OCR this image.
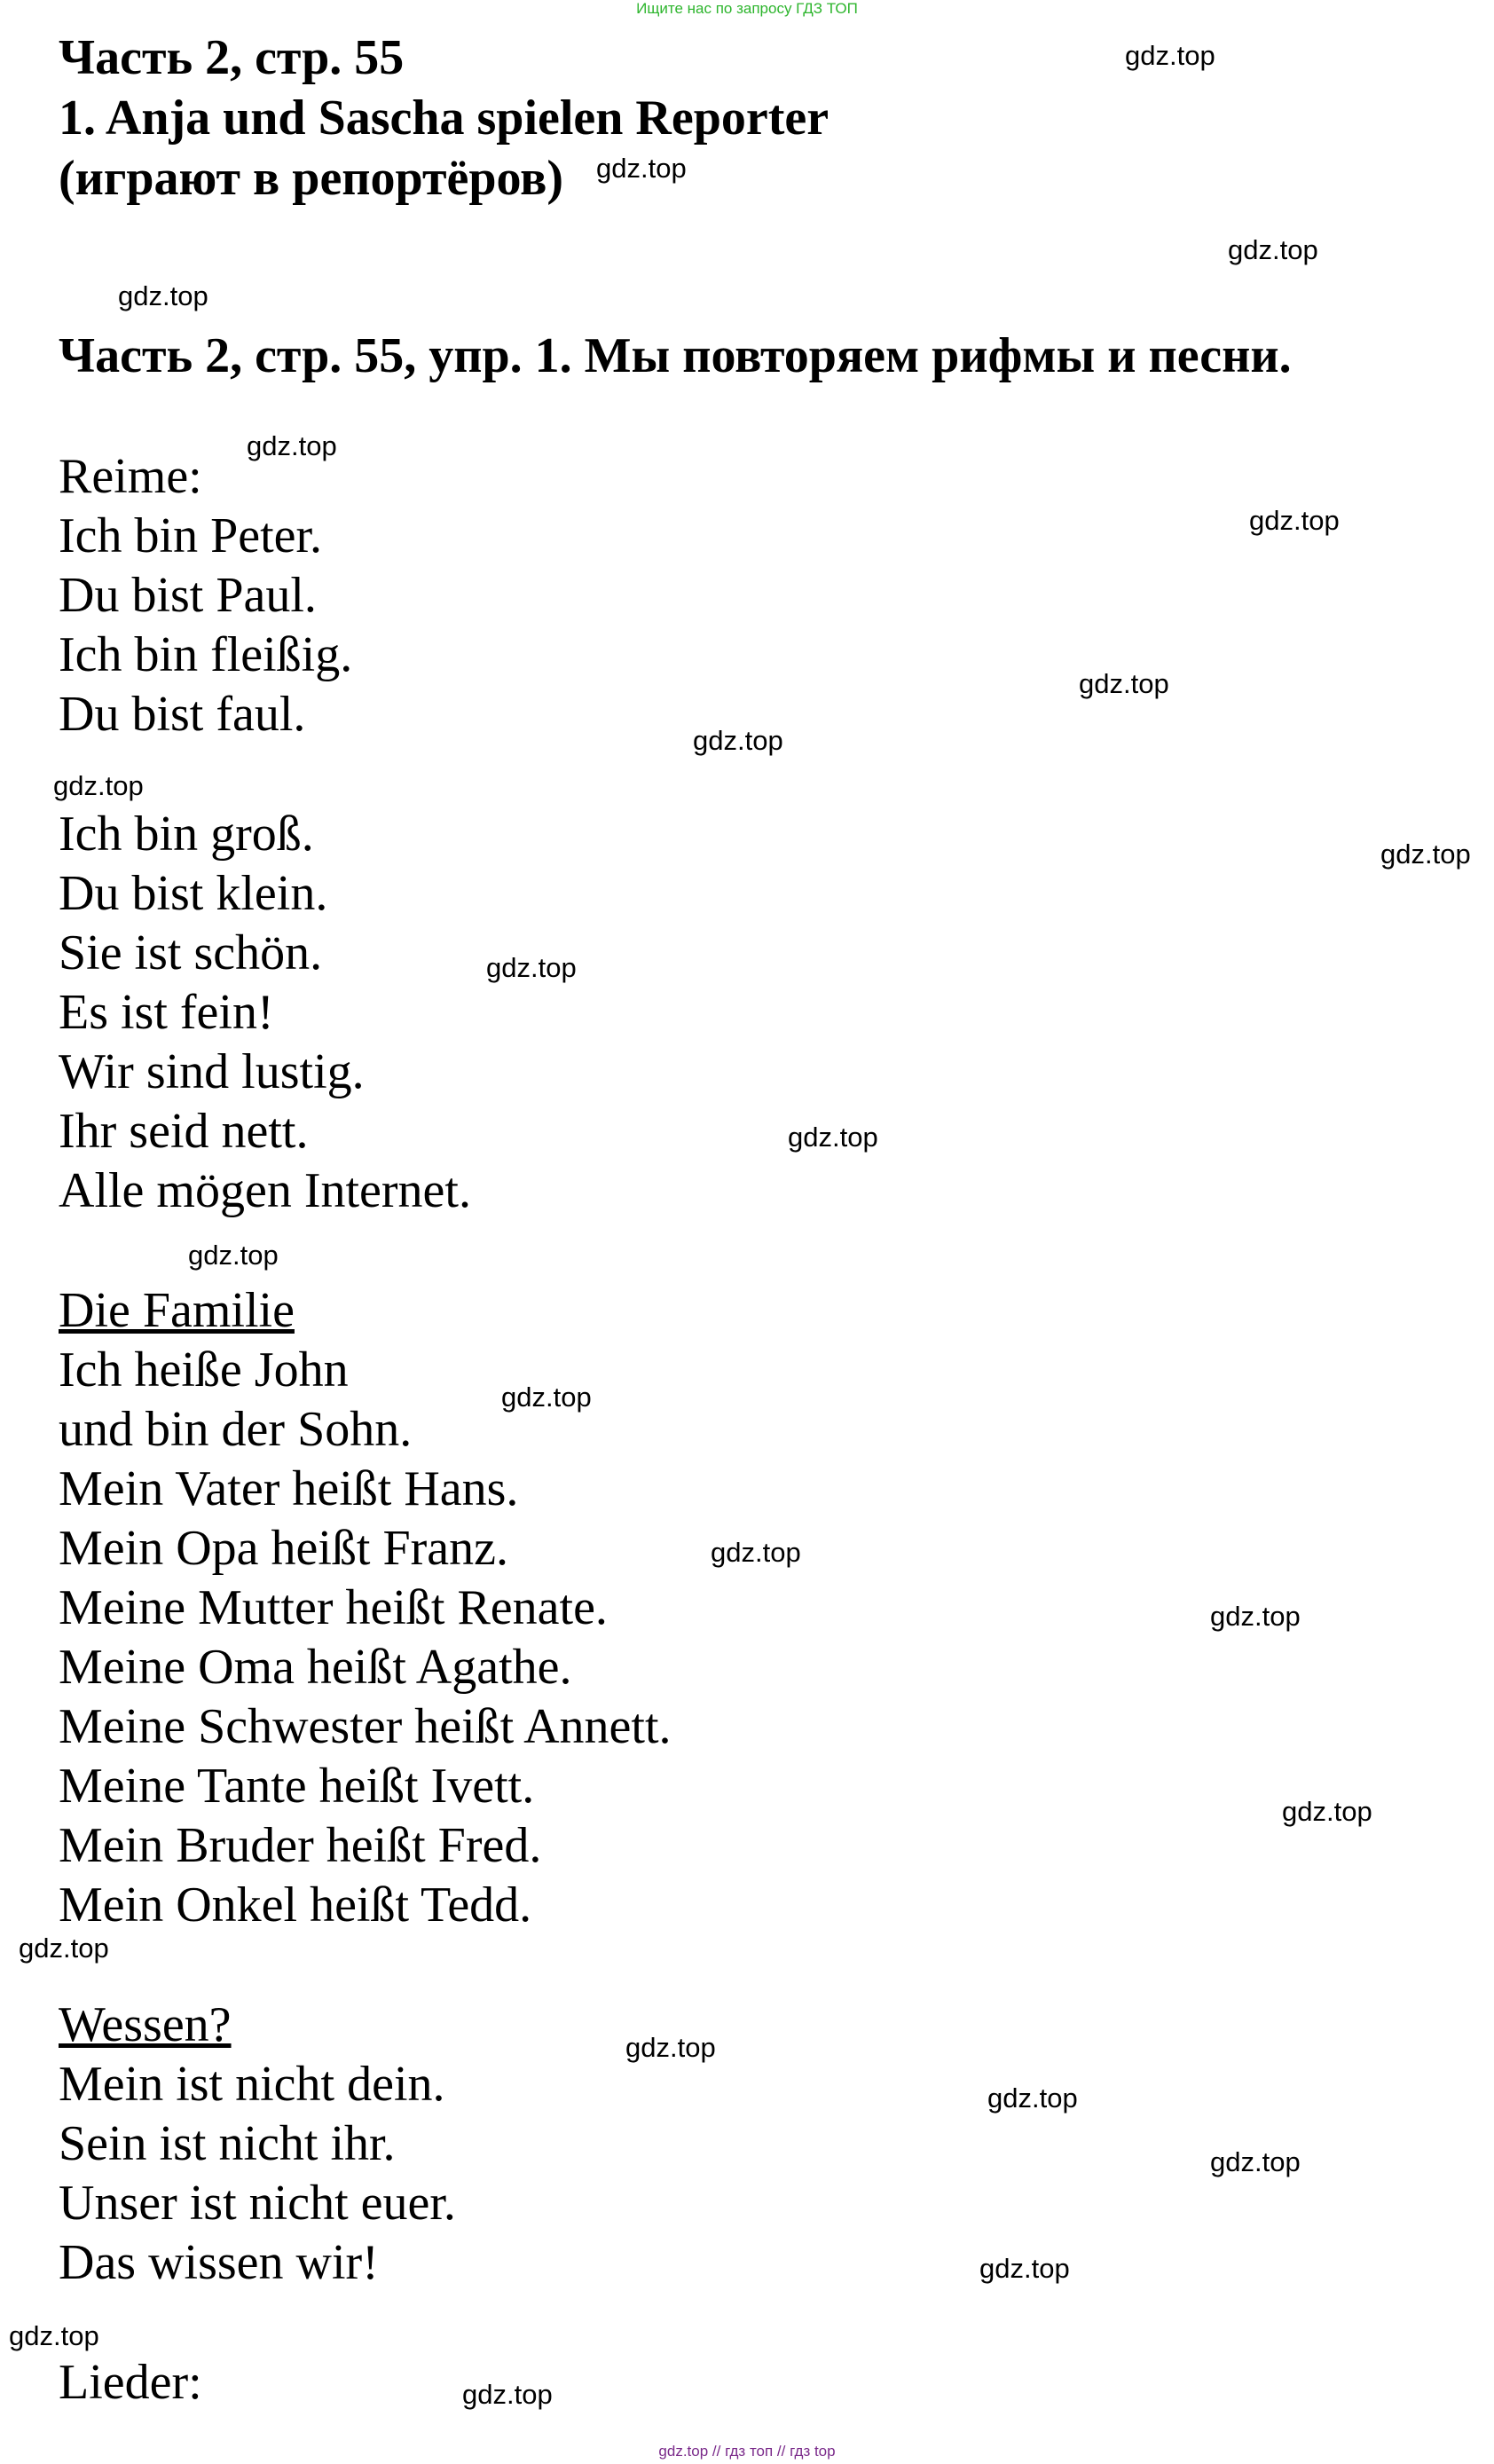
Ищите нас по запросу ГДЗ ТОП
Часть 2, стр. 55
1. Anja und Sascha spielen Reporter
(играют в репортёров)
Часть 2, стр. 55, упр. 1. Мы повторяем рифмы и песни.
Reime:
Ich bin Peter.
Du bist Paul.
Ich bin fleißig.
Du bist faul.
Ich bin groß.
Du bist klein.
Sie ist schön.
Es ist fein!
Wir sind lustig.
Ihr seid nett.
Alle mögen Internet.
Die Familie
Ich heiße John
und bin der Sohn.
Mein Vater heißt Hans.
Mein Opa heißt Franz.
Meine Mutter heißt Renate.
Meine Oma heißt Agathe.
Meine Schwester heißt Annett.
Meine Tante heißt Ivett.
Mein Bruder heißt Fred.
Mein Onkel heißt Tedd.
Wessen?
Mein ist nicht dein.
Sein ist nicht ihr.
Unser ist nicht euer.
Das wissen wir!
Lieder:
gdz.top
gdz.top
gdz.top
gdz.top
gdz.top
gdz.top
gdz.top
gdz.top
gdz.top
gdz.top
gdz.top
gdz.top
gdz.top
gdz.top
gdz.top
gdz.top
gdz.top
gdz.top
gdz.top
gdz.top
gdz.top
gdz.top
gdz.top
gdz.top
gdz.top // гдз топ // гдз top
